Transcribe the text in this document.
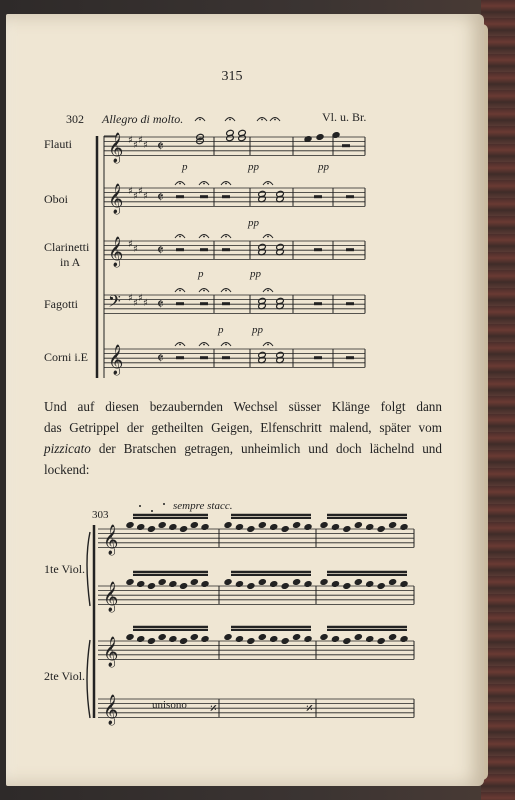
315
302 Allegro di molto.	Vl. u. Br.
Flauti
Oboi
Clarinetti
in A
Fagotti
Corni i.E
𝄞 ♯ ♯ ♯ ♯ 𝄵
𝄞 ♯ ♯ ♯ ♯ 𝄵
𝄞 ♯ ♯ 𝄵
𝄢 ♯ ♯ ♯ ♯ 𝄵
𝄞 𝄵
p	pp	pp
pp
p	pp
p	pp
303
sempre stacc.
1te Viol.
2te Viol.
𝄞
𝄞
𝄞
𝄞	𝄎	𝄎
unisono
Und auf diesen bezaubernden Wechsel süsser Klänge folgt dann
das Getrippel der getheilten Geigen, Elfenschritt malend, später vom
pizzicato der Bratschen getragen, unheimlich und doch lächelnd und
lockend:
